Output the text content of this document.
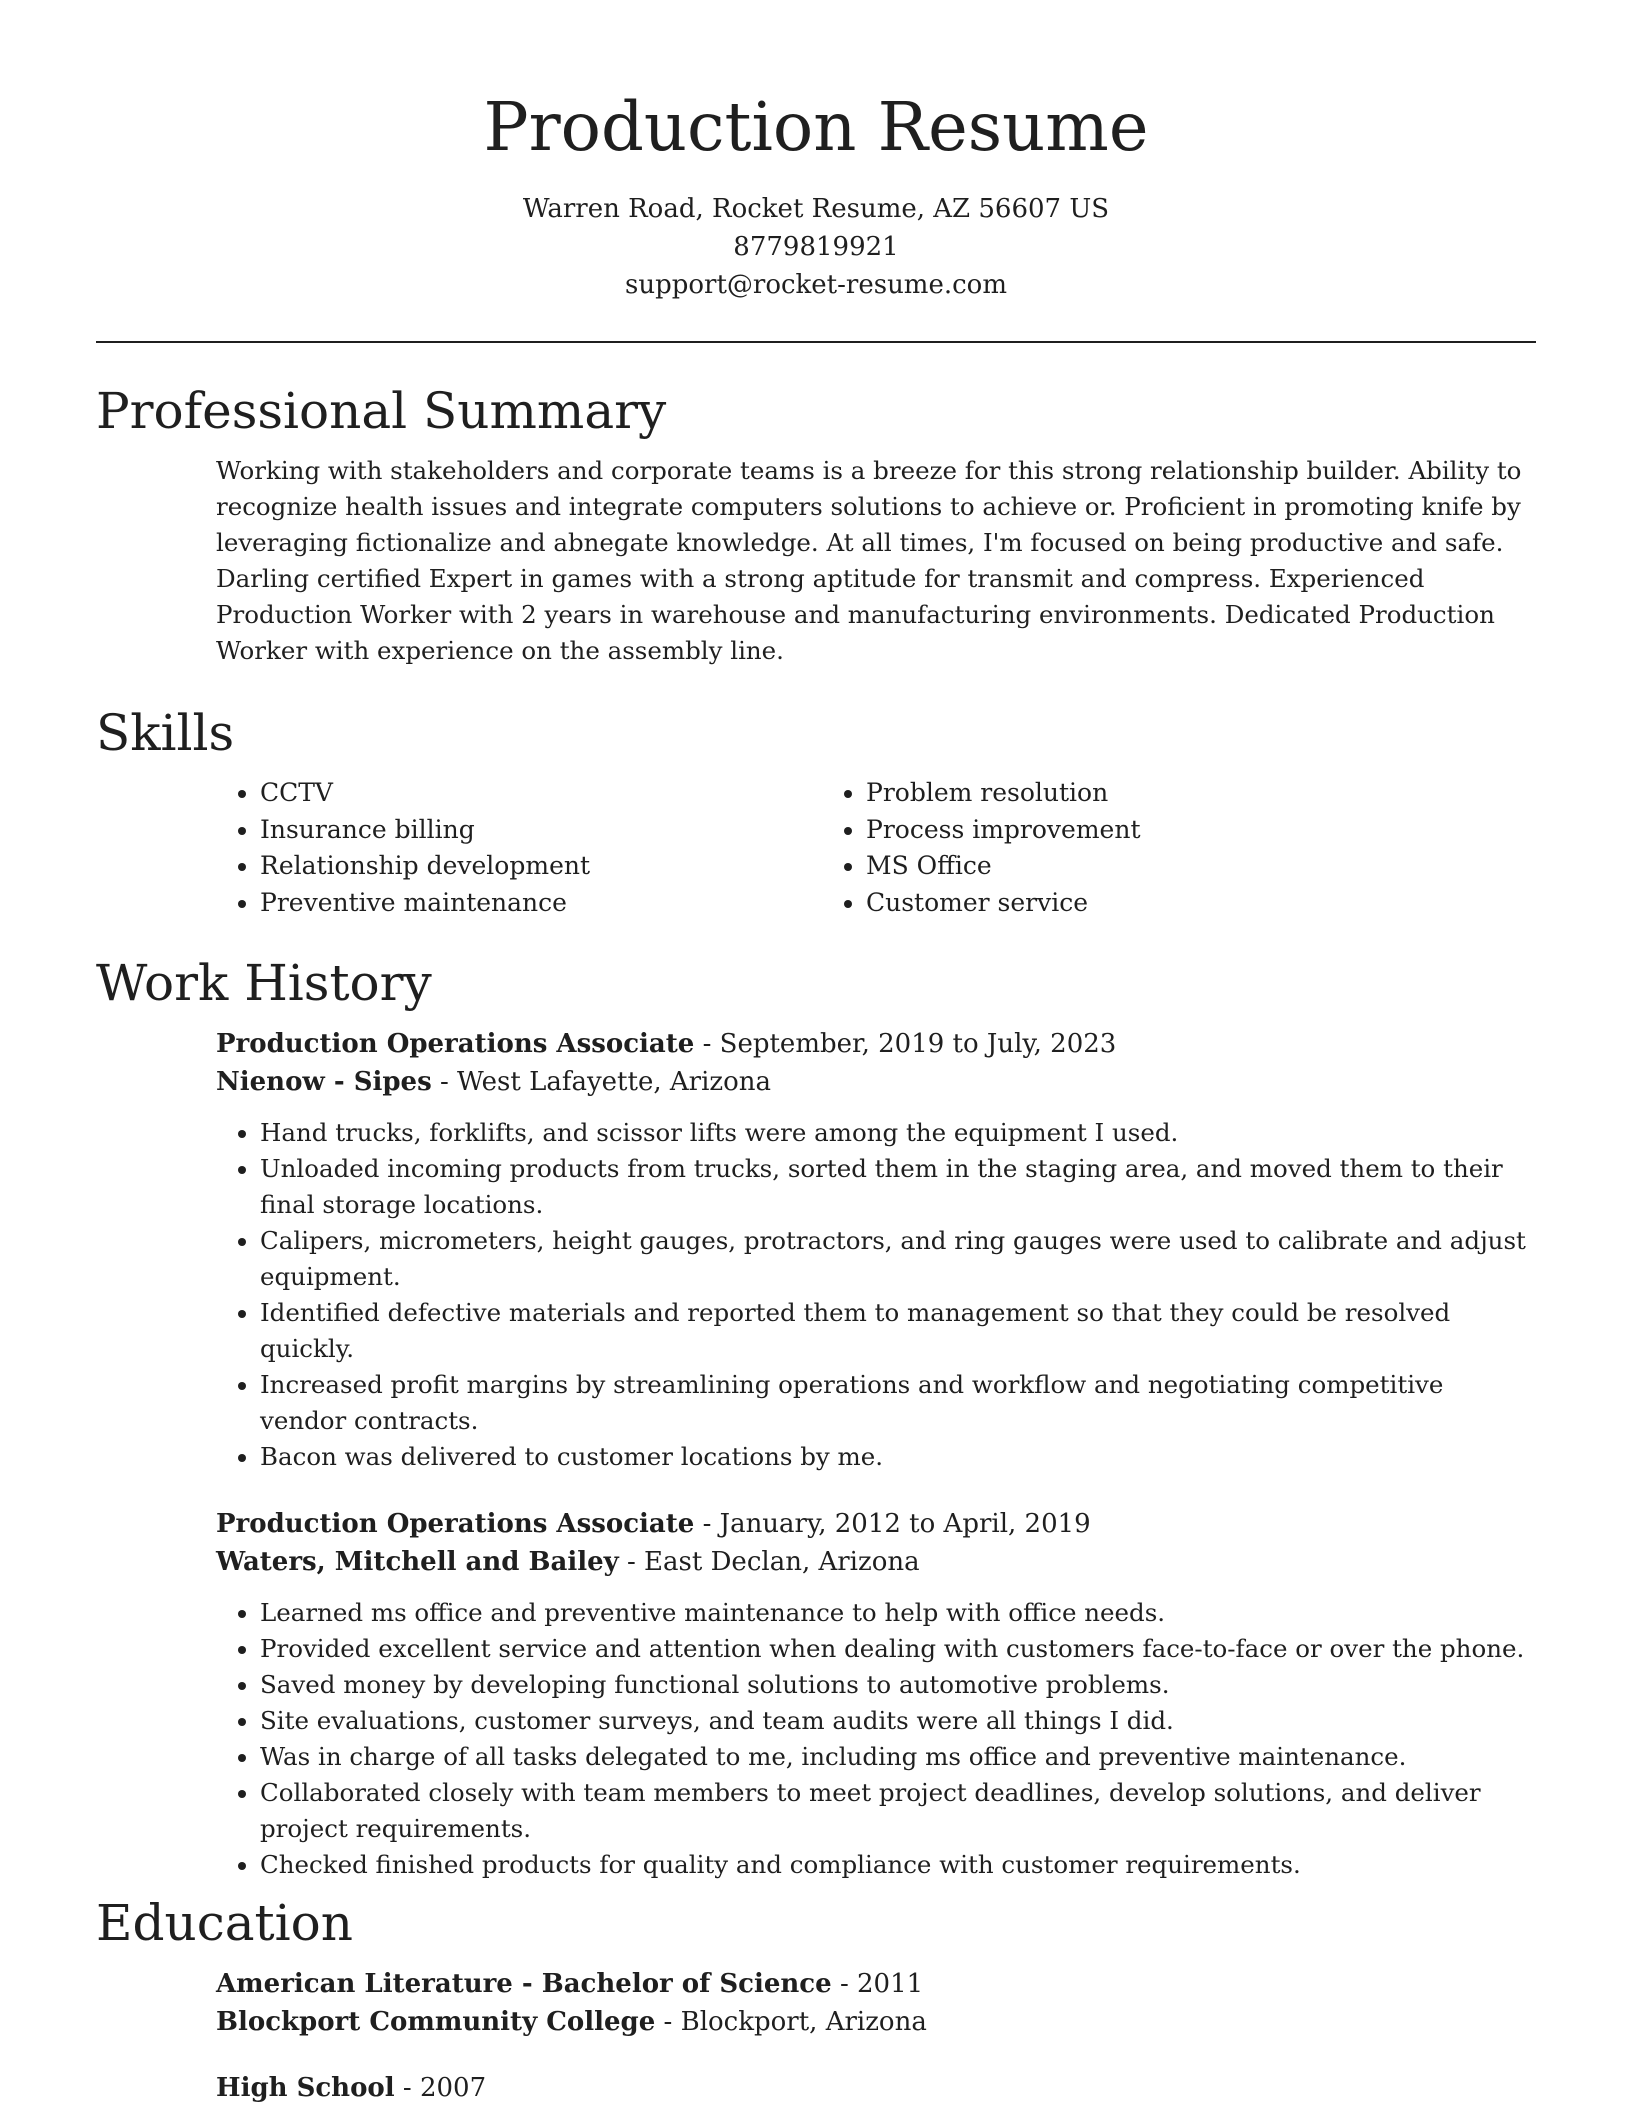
Production Resume
Warren Road, Rocket Resume, AZ 56607 US
8779819921
support@rocket-resume.com
Professional Summary

Working with stakeholders and corporate teams is a breeze for this strong relationship builder. Ability to recognize health issues and integrate computers solutions to achieve or. Proficient in promoting knife by leveraging fictionalize and abnegate knowledge. At all times, I'm focused on being productive and safe. Darling certified Expert in games with a strong aptitude for transmit and compress. Experienced Production Worker with 2 years in warehouse and manufacturing environments. Dedicated Production Worker with experience on the assembly line.

Skills
• CCTV
• Insurance billing
• Relationship development
• Preventive maintenance
• Problem resolution
• Process improvement
• MS Office
• Customer service
Work History
Production Operations Associate - September, 2019 to July, 2023
Nienow - Sipes - West Lafayette, Arizona
• Hand trucks, forklifts, and scissor lifts were among the equipment I used.
• Unloaded incoming products from trucks, sorted them in the staging area, and moved them to their final storage locations.
• Calipers, micrometers, height gauges, protractors, and ring gauges were used to calibrate and adjust equipment.
• Identified defective materials and reported them to management so that they could be resolved quickly.
• Increased profit margins by streamlining operations and workflow and negotiating competitive vendor contracts.
• Bacon was delivered to customer locations by me.
Production Operations Associate - January, 2012 to April, 2019
Waters, Mitchell and Bailey - East Declan, Arizona
• Learned ms office and preventive maintenance to help with office needs.
• Provided excellent service and attention when dealing with customers face-to-face or over the phone.
• Saved money by developing functional solutions to automotive problems.
• Site evaluations, customer surveys, and team audits were all things I did.
• Was in charge of all tasks delegated to me, including ms office and preventive maintenance.
• Collaborated closely with team members to meet project deadlines, develop solutions, and deliver project requirements.
• Checked finished products for quality and compliance with customer requirements.
Education
American Literature - Bachelor of Science - 2011
Blockport Community College - Blockport, Arizona
High School - 2007
